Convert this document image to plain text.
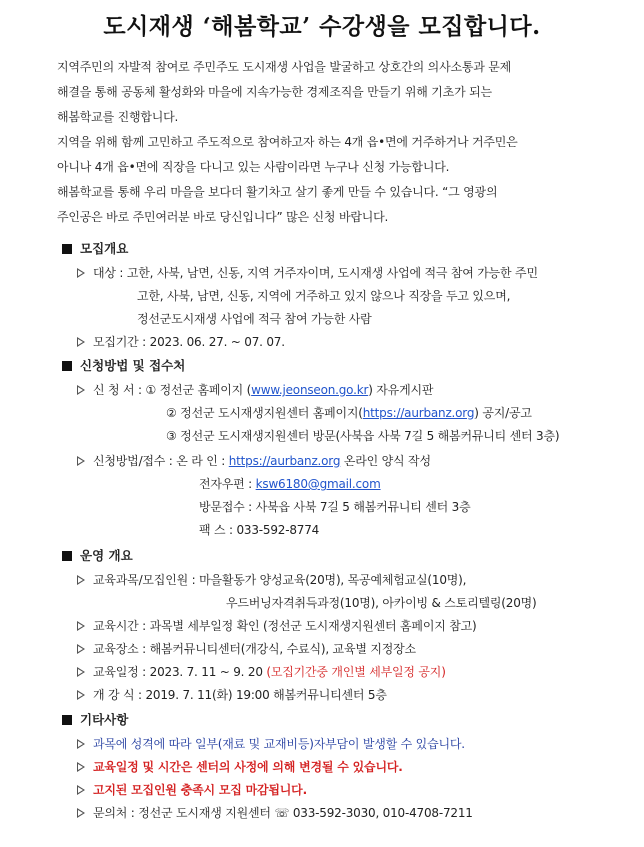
도시재생 ‘해봄학교’ 수강생을 모집합니다.

지역주민의 자발적 참여로 주민주도 도시재생 사업을 발굴하고 상호간의 의사소통과 문제

해결을 통해 공동체 활성화와 마을에 지속가능한 경제조직을 만들기 위해 기초가 되는

해봄학교를 진행합니다.

지역을 위해 함께 고민하고 주도적으로 참여하고자 하는 4개 읍•면에 거주하거나 거주민은

아니나 4개 읍•면에 직장을 다니고 있는 사람이라면 누구나 신청 가능합니다.

해봄학교를 통해 우리 마을을 보다더 활기차고 살기 좋게 만들 수 있습니다. “그 영광의

주인공은 바로 주민여러분 바로 당신입니다” 많은 신청 바랍니다.

모집개요
대상 : 고한, 사북, 남면, 신동, 지역 거주자이며, 도시재생 사업에 적극 참여 가능한 주민
고한, 사북, 남면, 신동, 지역에 거주하고 있지 않으나 직장을 두고 있으며,
정선군도시재생 사업에 적극 참여 가능한 사람
모집기간 : 2023. 06. 27. ~ 07. 07.
신청방법 및 접수처
신 청 서 : ① 정선군 홈페이지 (www.jeonseon.go.kr) 자유게시판
② 정선군 도시재생지원센터 홈페이지(https://aurbanz.org) 공지/공고
③ 정선군 도시재생지원센터 방문(사북읍 사북 7길 5 해봄커뮤니티 센터 3층)
신청방법/접수 : 온 라 인 : https://aurbanz.org 온라인 양식 작성
전자우편 : ksw6180@gmail.com
방문접수 : 사북읍 사북 7길 5 해봄커뮤니티 센터 3층
팩 스 : 033-592-8774
운영 개요
교육과목/모집인원 : 마을활동가 양성교육(20명), 목공예체험교실(10명),
우드버닝자격취득과정(10명), 아카이빙 & 스토리텔링(20명)
교육시간 : 과목별 세부일정 확인 (정선군 도시재생지원센터 홈페이지 참고)
교육장소 : 해봄커뮤니티센터(개강식, 수료식), 교육별 지정장소
교육일정 : 2023. 7. 11 ~ 9. 20 (모집기간중 개인별 세부일정 공지)
개 강 식 : 2019. 7. 11(화) 19:00 해봄커뮤니티센터 5층
기타사항
과목에 성격에 따라 일부(재료 및 교재비등)자부담이 발생할 수 있습니다.
교육일정 및 시간은 센터의 사정에 의해 변경될 수 있습니다.
고지된 모집인원 충족시 모집 마감됩니다.
문의처 : 정선군 도시재생 지원센터 ☏ 033-592-3030, 010-4708-7211
